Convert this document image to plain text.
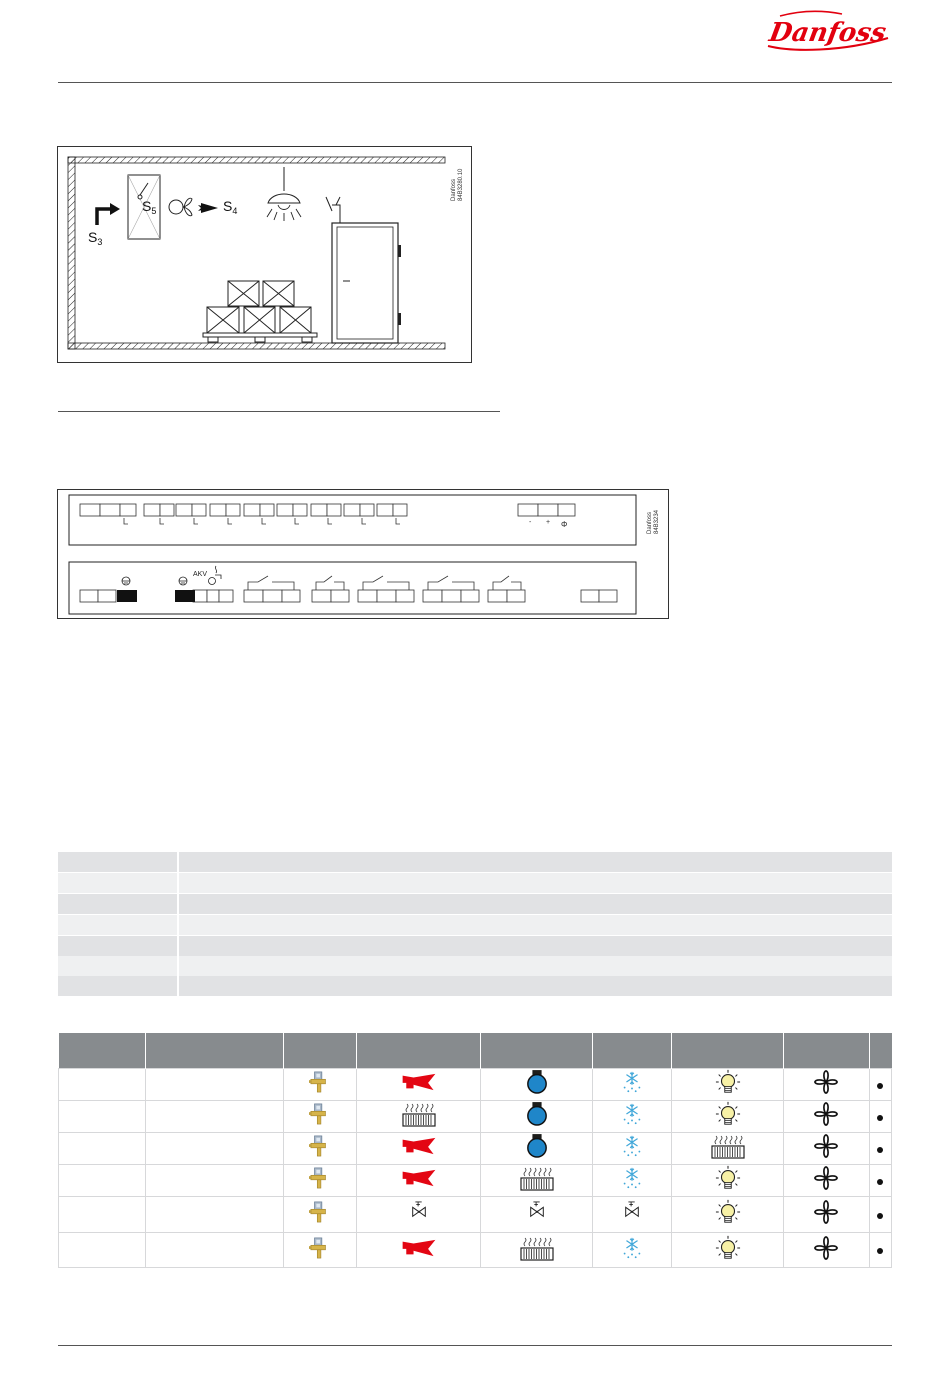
Danfoss
$S_3$
$S_5$	$S_4$
Danfoss84B3280.10
- + Φ
AKV
Danfoss84B3234
